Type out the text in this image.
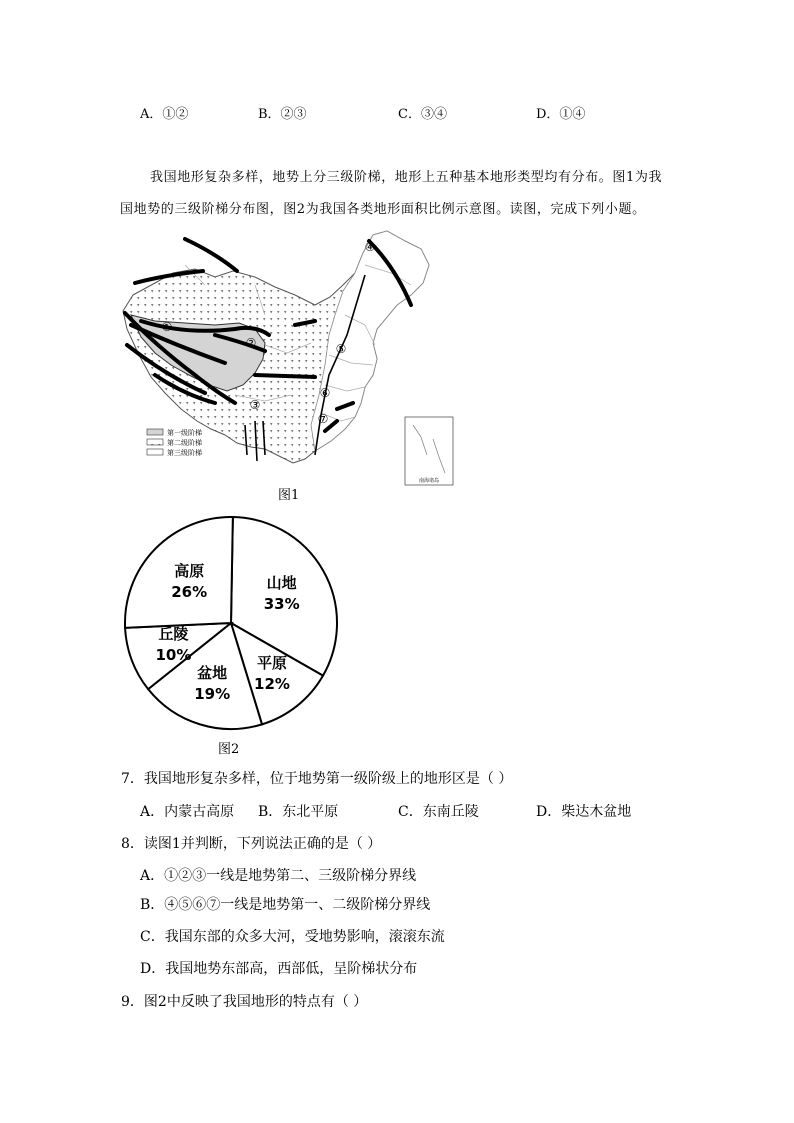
A．①②	B．②③	C．③④	D．①④
我国地形复杂多样，地势上分三级阶梯，地形上五种基本地形类型均有分布。图1为我
国地势的三级阶梯分布图，图2为我国各类地形面积比例示意图。读图，完成下列小题。
①
②
③
④
⑤
⑥
⑦
南海诸岛
第一级阶梯
第二级阶梯
第三级阶梯
图1
山地
33%
平原
12%
盆地
19%
丘陵
10%
高原
26%
图2
7．我国地形复杂多样，位于地势第一级阶级上的地形区是（ ）
A．内蒙古高原 B．东北平原	C．东南丘陵	D．柴达木盆地
8．读图1并判断，下列说法正确的是（ ）
A．①②③一线是地势第二、三级阶梯分界线
B．④⑤⑥⑦一线是地势第一、二级阶梯分界线
C．我国东部的众多大河，受地势影响，滚滚东流
D．我国地势东部高，西部低，呈阶梯状分布
9．图2中反映了我国地形的特点有（ ）
